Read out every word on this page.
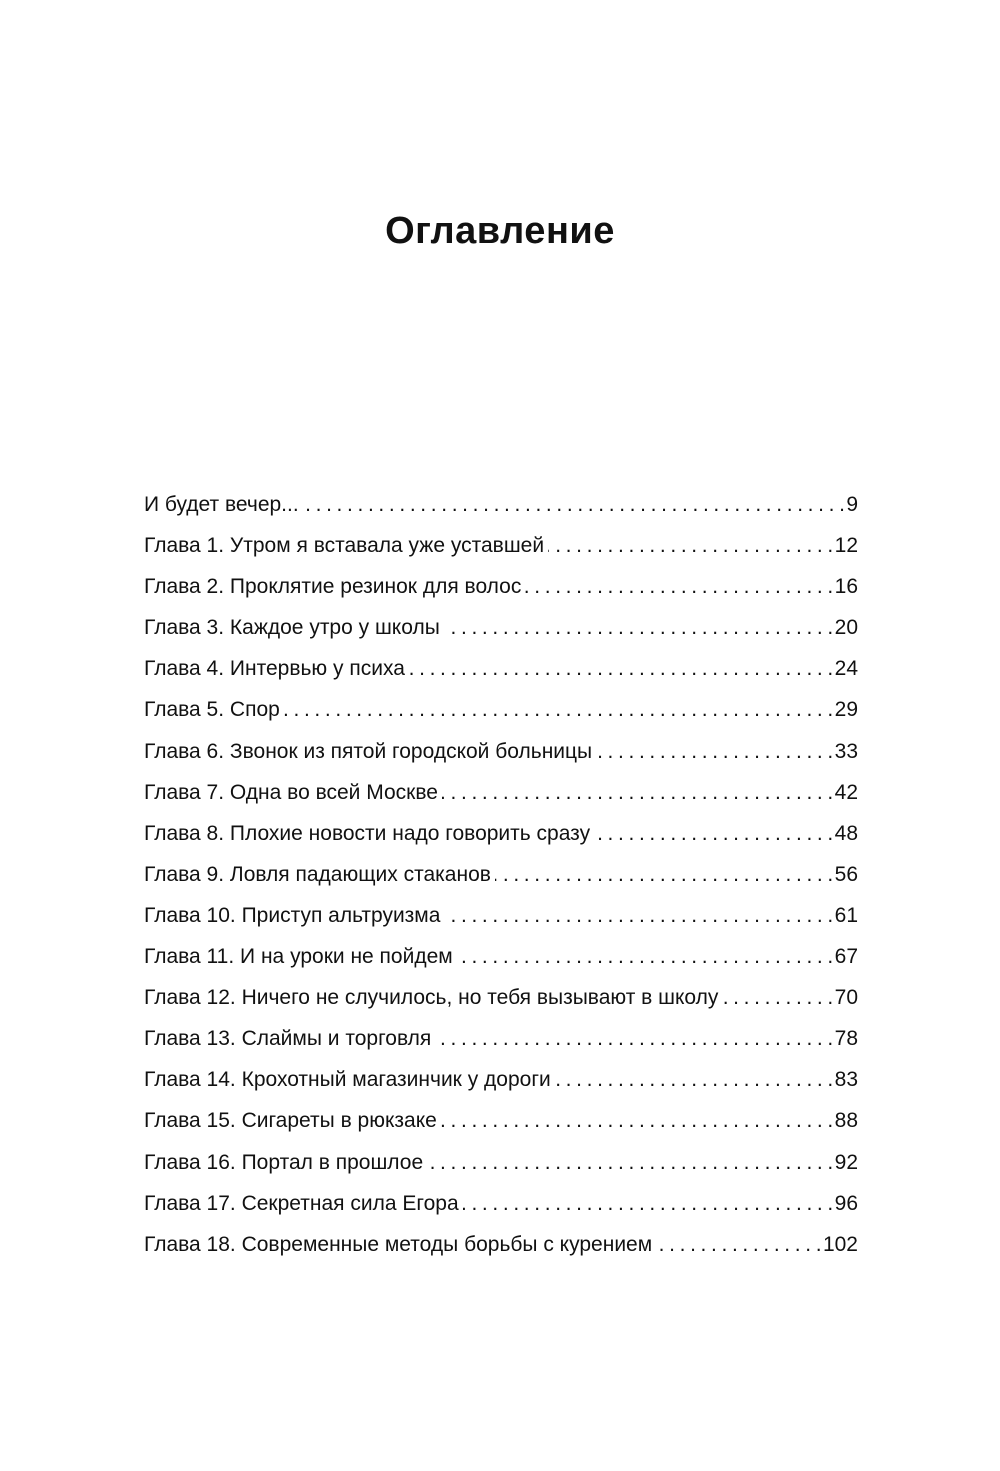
Оглавление
И будет вечер... . . .	9
Глава 1. Утром я вставала уже уставшей . . .	12
Глава 2. Проклятие резинок для волос . . .	16
Глава 3. Каждое утро у школы . . .	20
Глава 4. Интервью у психа . . .	24
Глава 5. Спор . . .	29
Глава 6. Звонок из пятой городской больницы . . .	33
Глава 7. Одна во всей Москве . . .	42
Глава 8. Плохие новости надо говорить сразу . . .	48
Глава 9. Ловля падающих стаканов . . .	56
Глава 10. Приступ альтруизма . . .	61
Глава 11. И на уроки не пойдем . . .	67
Глава 12. Ничего не случилось, но тебя вызывают в школу . . .	70
Глава 13. Слаймы и торговля . . .	78
Глава 14. Крохотный магазинчик у дороги . . .	83
Глава 15. Сигареты в рюкзаке . . .	88
Глава 16. Портал в прошлое . . .	92
Глава 17. Секретная сила Егора . . .	96
Глава 18. Современные методы борьбы с курением . . .	102
